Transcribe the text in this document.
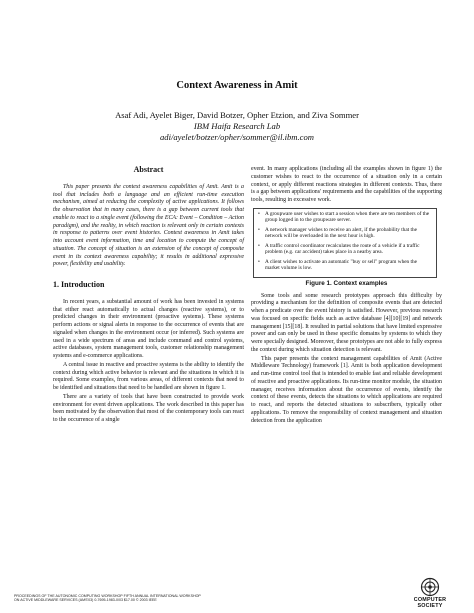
Context Awareness in Amit
Asaf Adi, Ayelet Biger, David Botzer, Opher Etzion, and Ziva Sommer
IBM Haifa Research Lab
adi/ayelet/botzer/opher/sommer@il.ibm.com
Abstract

This paper presents the context awareness capabilities of Amit. Amit is a tool that includes both a language and an efficient run-time execution mechanism, aimed at reducing the complexity of active applications. It follows the observation that in many cases, there is a gap between current tools that enable to react to a single event (following the ECA: Event – Condition – Action paradigm), and the reality, in which reaction is relevant only in certain contexts in response to patterns over event histories. Context awareness in Amit takes into account event information, time and location to compute the concept of situation. The concept of situation is an extension of the concept of composite event in its context awareness capability; it results in additional expressive power, flexibility and usability.

1. Introduction

In recent years, a substantial amount of work has been invested in systems that either react automatically to actual changes (reactive systems), or to predicted changes in their environment (proactive systems). These systems perform actions or signal alerts in response to the occurrence of events that are signaled when changes in the environment occur (or inferred). Such systems are used in a wide spectrum of areas and include command and control systems, active databases, system management tools, customer relationship management systems and e-commerce applications.

A central issue in reactive and proactive systems is the ability to identify the context during which active behavior is relevant and the situations in which it is required. Some examples, from various areas, of different contexts that need to be identified and situations that need to be handled are shown in figure 1.

There are a variety of tools that have been constructed to provide work environment for event driven applications. The work described in this paper has been motivated by the observation that most of the contemporary tools can react to the occurrence of a single

event. In many applications (including all the examples shown in figure 1) the customer wishes to react to the occurrence of a situation only in a certain context, or apply different reactions strategies in different contexts. Thus, there is a gap between applications' requirements and the capabilities of the supporting tools, resulting in excessive work.

• A groupware user wishes to start a session when there are ten members of the group logged in to the groupware server.
• A network manager wishes to receive an alert, if the probability that the network will be overloaded in the next hour is high.
• A traffic control coordinator recalculates the route of a vehicle if a traffic problem (e.g. car accident) takes place in a nearby area.
• A client wishes to activate an automatic "buy or sell" program when the market volume is low.
Figure 1. Context examples

Some tools and some research prototypes approach this difficulty by providing a mechanism for the definition of composite events that are detected when a predicate over the event history is satisfied. However, previous research was focused on specific fields such as active database [4][10][19] and network management [15][18]. It resulted in partial solutions that have limited expressive power and can only be used in these specific domains by systems to which they were specially designed. Moreover, these prototypes are not able to fully express the context during which situation detection is relevant.

This paper presents the context management capabilities of Amit (Active Middleware Technology) framework [1]. Amit is both application development and run-time control tool that is intended to enable fast and reliable development of reactive and proactive applications. Its run-time monitor module, the situation manager, receives information about the occurrence of events, identify the context of these events, detects the situations to which applications are required to react, and reports the detected situations to subscribers, typically other applications. To remove the responsibility of context management and situation detection from the application

PROCEEDINGS OF THE AUTONOMIC COMPUTING WORKSHOP FIFTH ANNUAL INTERNATIONAL WORKSHOP
ON ACTIVE MIDDLEWARE SERVICES (AMS'03) 0-7695-1983-0/03 $17.00 © 2003 IEEE	COMPUTER
SOCIETY
